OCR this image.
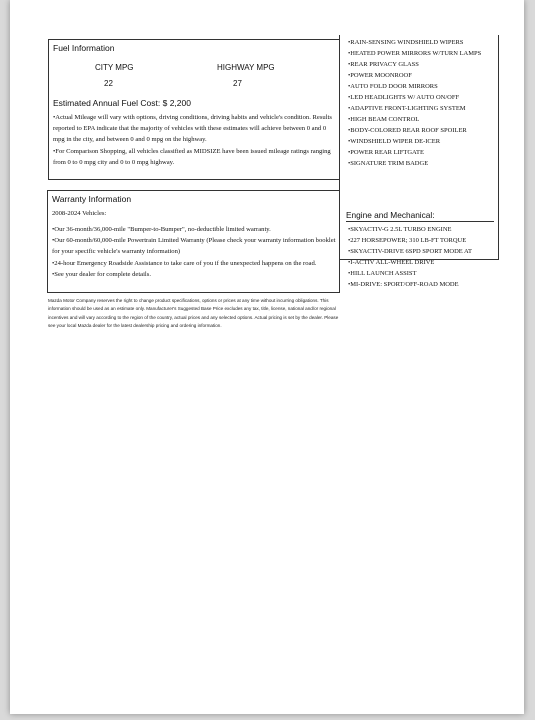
Fuel Information
CITY MPG	HIGHWAY MPG
22	27
Estimated Annual Fuel Cost: $ 2,200

•Actual Mileage will vary with options, driving conditions, driving habits and vehicle's condition. Results reported to EPA indicate that the majority of vehicles with these estimates will achieve between 0 and 0 mpg in the city, and between 0 and 0 mpg on the highway.

•For Comparison Shopping, all vehicles classified as MIDSIZE have been issued mileage ratings ranging from 0 to 0 mpg city and 0 to 0 mpg highway.

Warranty Information
2008-2024 Vehicles:

•Our 36-month/36,000-mile "Bumper-to-Bumper", no-deductible limited warranty.

•Our 60-month/60,000-mile Powertrain Limited Warranty (Please check your warranty information booklet for your specific vehicle's warranty information)

•24-hour Emergency Roadside Assistance to take care of you if the unexpected happens on the road.

•See your dealer for complete details.

Mazda Motor Company reserves the right to change product specifications, options or prices at any time without incurring obligations. This information should be used as an estimate only. Manufacturer's Suggested Base Price excludes any tax, title, license, national and/or regional incentives and will vary according to the region of the country, actual prices and any selected options. Actual pricing is set by the dealer. Please see your local Mazda dealer for the latest dealership pricing and ordering information.
•RAIN-SENSING WINDSHIELD WIPERS
•HEATED POWER MIRRORS W/TURN LAMPS
•REAR PRIVACY GLASS
•POWER MOONROOF
•AUTO FOLD DOOR MIRRORS
•LED HEADLIGHTS W/ AUTO ON/OFF
•ADAPTIVE FRONT-LIGHTING SYSTEM
•HIGH BEAM CONTROL
•BODY-COLORED REAR ROOF SPOILER
•WINDSHIELD WIPER DE-ICER
•POWER REAR LIFTGATE
•SIGNATURE TRIM BADGE
Engine and Mechanical:
•SKYACTIV-G 2.5L TURBO ENGINE
•227 HORSEPOWER; 310 LB-FT TORQUE
•SKYACTIV-DRIVE 6SPD SPORT MODE AT
•I-ACTIV ALL-WHEEL DRIVE
•HILL LAUNCH ASSIST
•MI-DRIVE: SPORT/OFF-ROAD MODE
